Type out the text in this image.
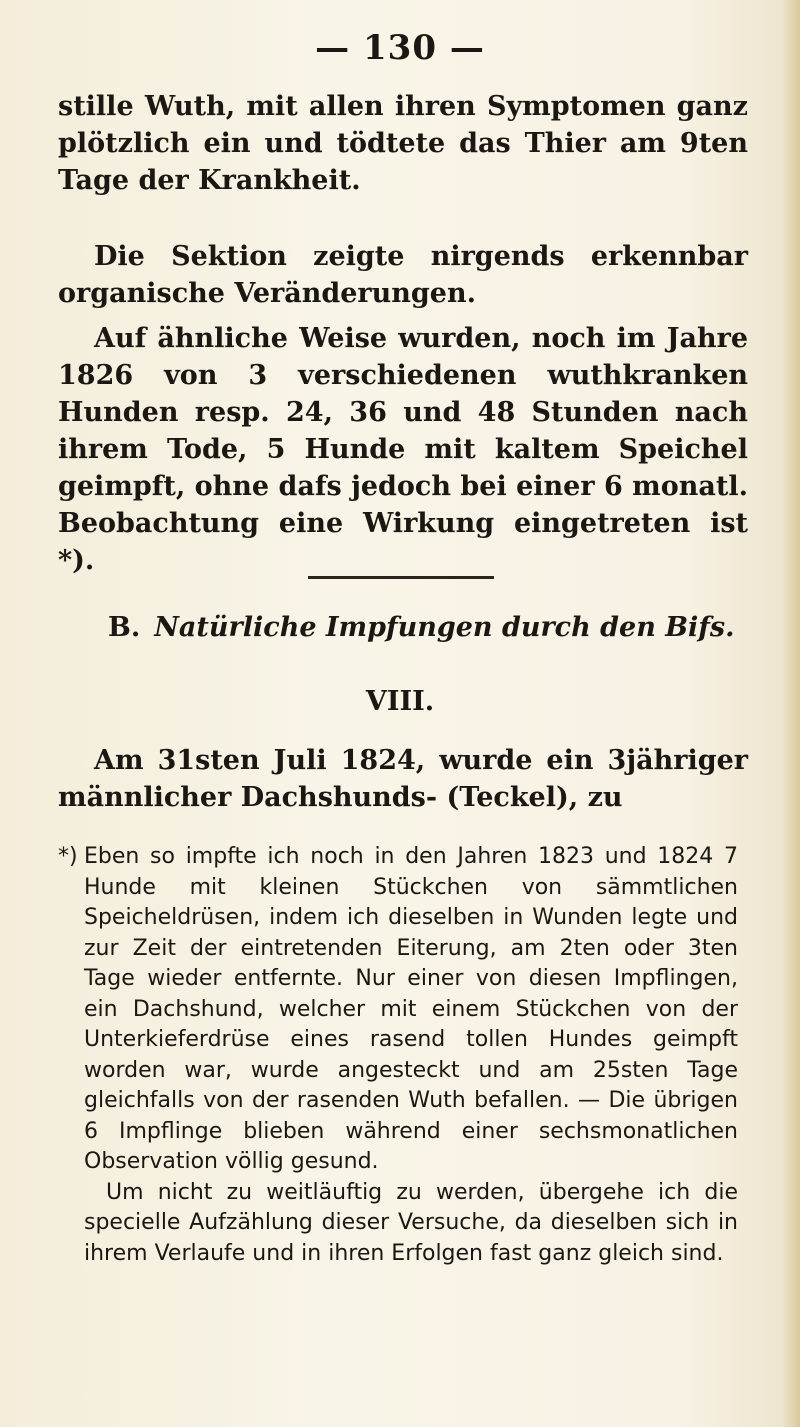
— 130 —

stille Wuth, mit allen ihren Symptomen ganz plötzlich ein und tödtete das Thier am 9ten Tage der Krankheit.

Die Sektion zeigte nirgends erkennbar organische Veränderungen.

Auf ähnliche Weise wurden, noch im Jahre 1826 von 3 verschiedenen wuthkranken Hunden resp. 24, 36 und 48 Stunden nach ihrem Tode, 5 Hunde mit kaltem Speichel geimpft, ohne dafs jedoch bei einer 6 monatl. Beobachtung eine Wirkung eingetreten ist *).

B. Natürliche Impfungen durch den Bifs.
VIII.

Am 31sten Juli 1824, wurde ein 3jähriger männlicher Dachshunds- (Teckel), zu

*) Eben so impfte ich noch in den Jahren 1823 und 1824 7 Hunde mit kleinen Stückchen von sämmtlichen Speicheldrüsen, indem ich dieselben in Wunden legte und zur Zeit der eintretenden Eiterung, am 2ten oder 3ten Tage wieder entfernte. Nur einer von diesen Impflingen, ein Dachshund, welcher mit einem Stückchen von der Unterkieferdrüse eines rasend tollen Hundes geimpft worden war, wurde angesteckt und am 25sten Tage gleichfalls von der rasenden Wuth befallen. — Die übrigen 6 Impflinge blieben während einer sechsmonatlichen Observation völlig gesund.

Um nicht zu weitläuftig zu werden, übergehe ich die specielle Aufzählung dieser Versuche, da dieselben sich in ihrem Verlaufe und in ihren Erfolgen fast ganz gleich sind.
